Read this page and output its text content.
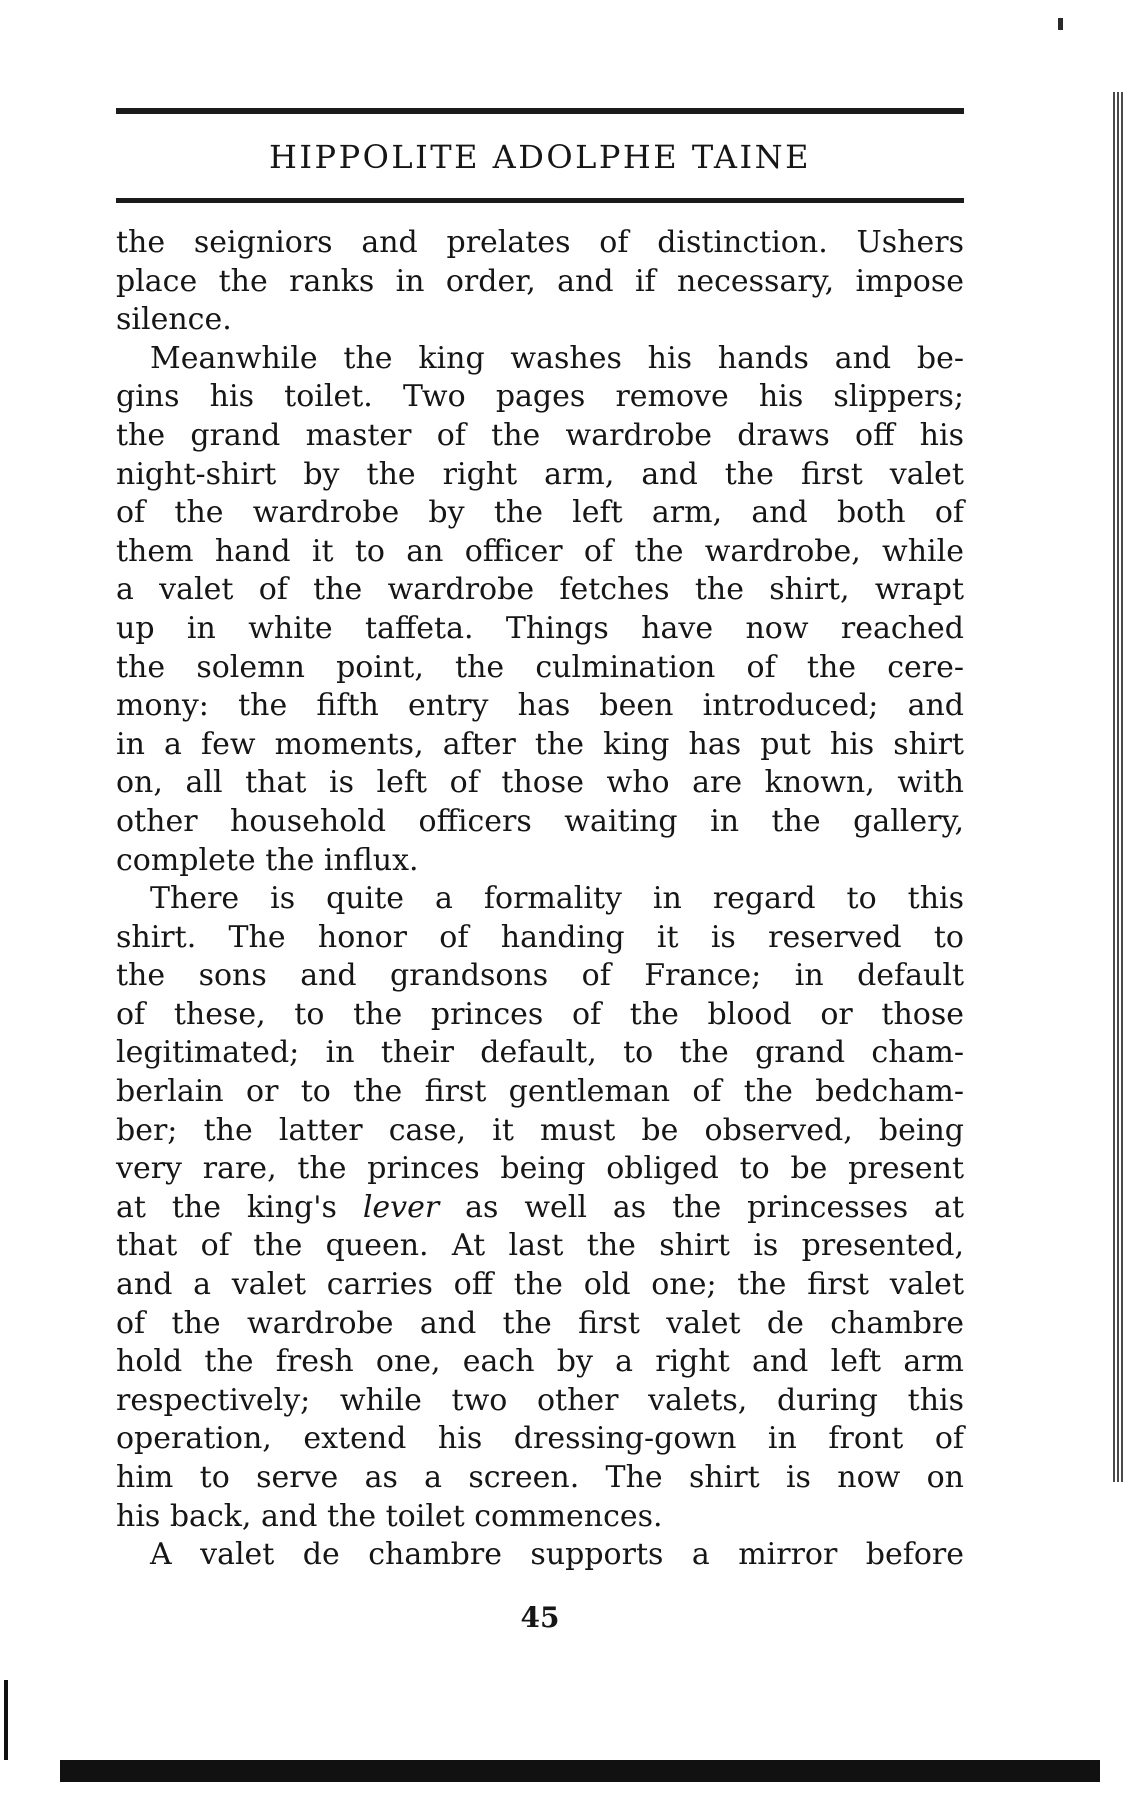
HIPPOLITE ADOLPHE TAINE
the seigniors and prelates of distinction. Ushers
place the ranks in order, and if necessary, impose
silence.
Meanwhile the king washes his hands and be-
gins his toilet. Two pages remove his slippers;
the grand master of the wardrobe draws off his
night-shirt by the right arm, and the first valet
of the wardrobe by the left arm, and both of
them hand it to an officer of the wardrobe, while
a valet of the wardrobe fetches the shirt, wrapt
up in white taffeta. Things have now reached
the solemn point, the culmination of the cere-
mony: the fifth entry has been introduced; and
in a few moments, after the king has put his shirt
on, all that is left of those who are known, with
other household officers waiting in the gallery,
complete the influx.
There is quite a formality in regard to this
shirt. The honor of handing it is reserved to
the sons and grandsons of France; in default
of these, to the princes of the blood or those
legitimated; in their default, to the grand cham-
berlain or to the first gentleman of the bedcham-
ber; the latter case, it must be observed, being
very rare, the princes being obliged to be present
at the king's lever as well as the princesses at
that of the queen. At last the shirt is presented,
and a valet carries off the old one; the first valet
of the wardrobe and the first valet de chambre
hold the fresh one, each by a right and left arm
respectively; while two other valets, during this
operation, extend his dressing-gown in front of
him to serve as a screen. The shirt is now on
his back, and the toilet commences.
A valet de chambre supports a mirror before
45
